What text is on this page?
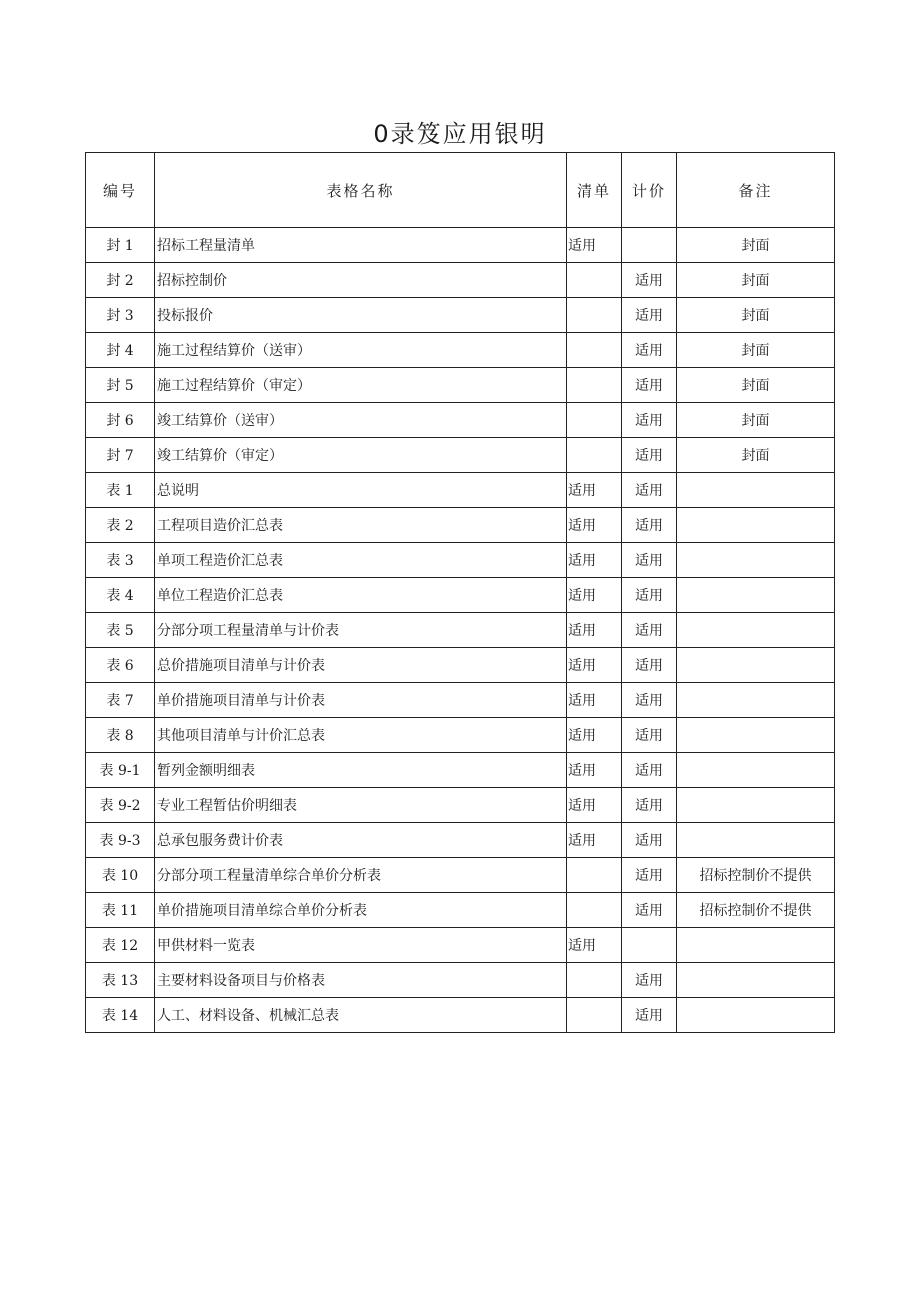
0录笈应用银明
编号	表格名称	清单	计价	备注
封 1	招标工程量清单	适用		封面
封 2	招标控制价		适用	封面
封 3	投标报价		适用	封面
封 4	施工过程结算价（送审）		适用	封面
封 5	施工过程结算价（审定）		适用	封面
封 6	竣工结算价（送审）		适用	封面
封 7	竣工结算价（审定）		适用	封面
表 1	总说明	适用	适用	
表 2	工程项目造价汇总表	适用	适用	
表 3	单项工程造价汇总表	适用	适用	
表 4	单位工程造价汇总表	适用	适用	
表 5	分部分项工程量清单与计价表	适用	适用	
表 6	总价措施项目清单与计价表	适用	适用	
表 7	单价措施项目清单与计价表	适用	适用	
表 8	其他项目清单与计价汇总表	适用	适用	
表 9-1	暂列金额明细表	适用	适用	
表 9-2	专业工程暂估价明细表	适用	适用	
表 9-3	总承包服务费计价表	适用	适用	
表 10	分部分项工程量清单综合单价分析表		适用	招标控制价不提供
表 11	单价措施项目清单综合单价分析表		适用	招标控制价不提供
表 12	甲供材料一览表	适用		
表 13	主要材料设备项目与价格表		适用	
表 14	人工、材料设备、机械汇总表		适用	
